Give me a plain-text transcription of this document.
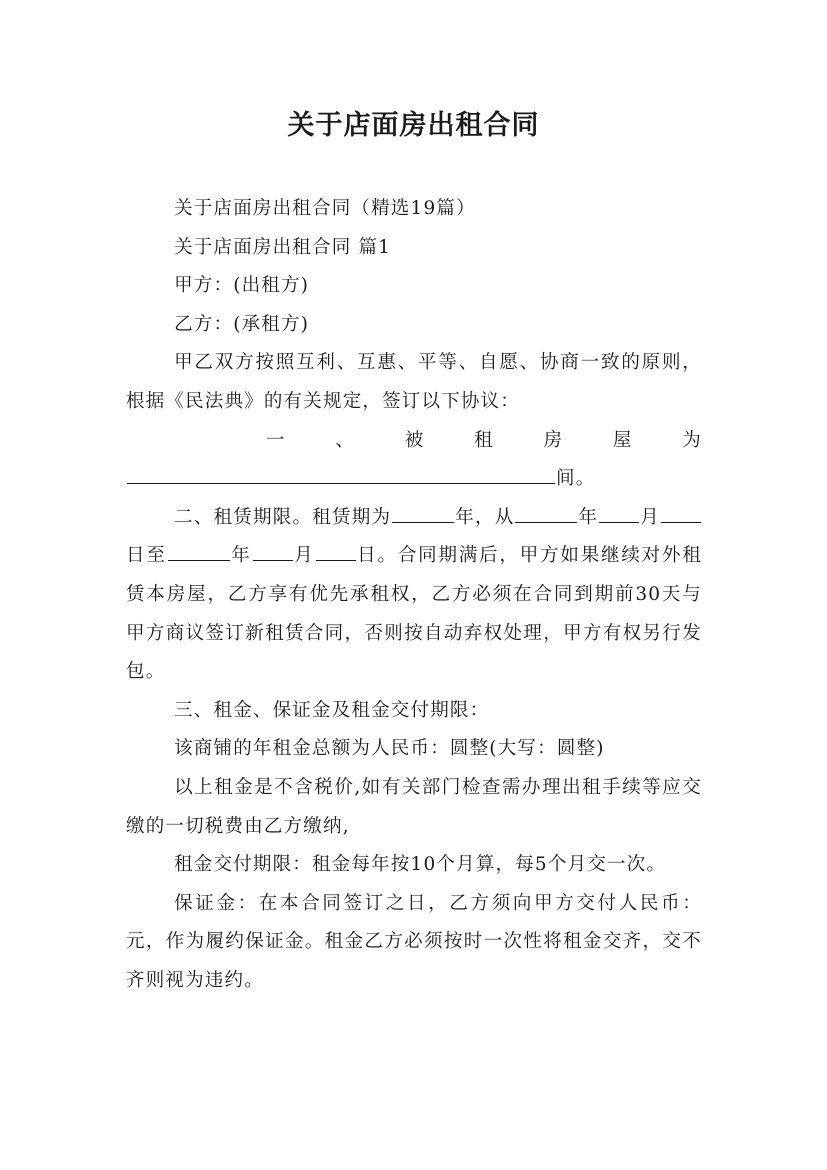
关于店面房出租合同

关于店面房出租合同（精选19篇）

关于店面房出租合同 篇1

甲方：(出租方)

乙方：(承租方)

甲乙双方按照互利、互惠、平等、自愿、协商一致的原则，根据《民法典》的有关规定，签订以下协议：

一	、	被	租	房	屋	为

间。

二、租赁期限。租赁期为	年，从	年 月日至	年 月 日。合同期满后，甲方如果继续对外租赁本房屋，乙方享有优先承租权，乙方必须在合同到期前30天与甲方商议签订新租赁合同，否则按自动弃权处理，甲方有权另行发包。

三、租金、保证金及租金交付期限：

该商铺的年租金总额为人民币：圆整(大写：圆整)

以上租金是不含税价,如有关部门检查需办理出租手续等应交缴的一切税费由乙方缴纳,

租金交付期限：租金每年按10个月算，每5个月交一次。

保证金：在本合同签订之日，乙方须向甲方交付人民币：元，作为履约保证金。租金乙方必须按时一次性将租金交齐，交不齐则视为违约。
